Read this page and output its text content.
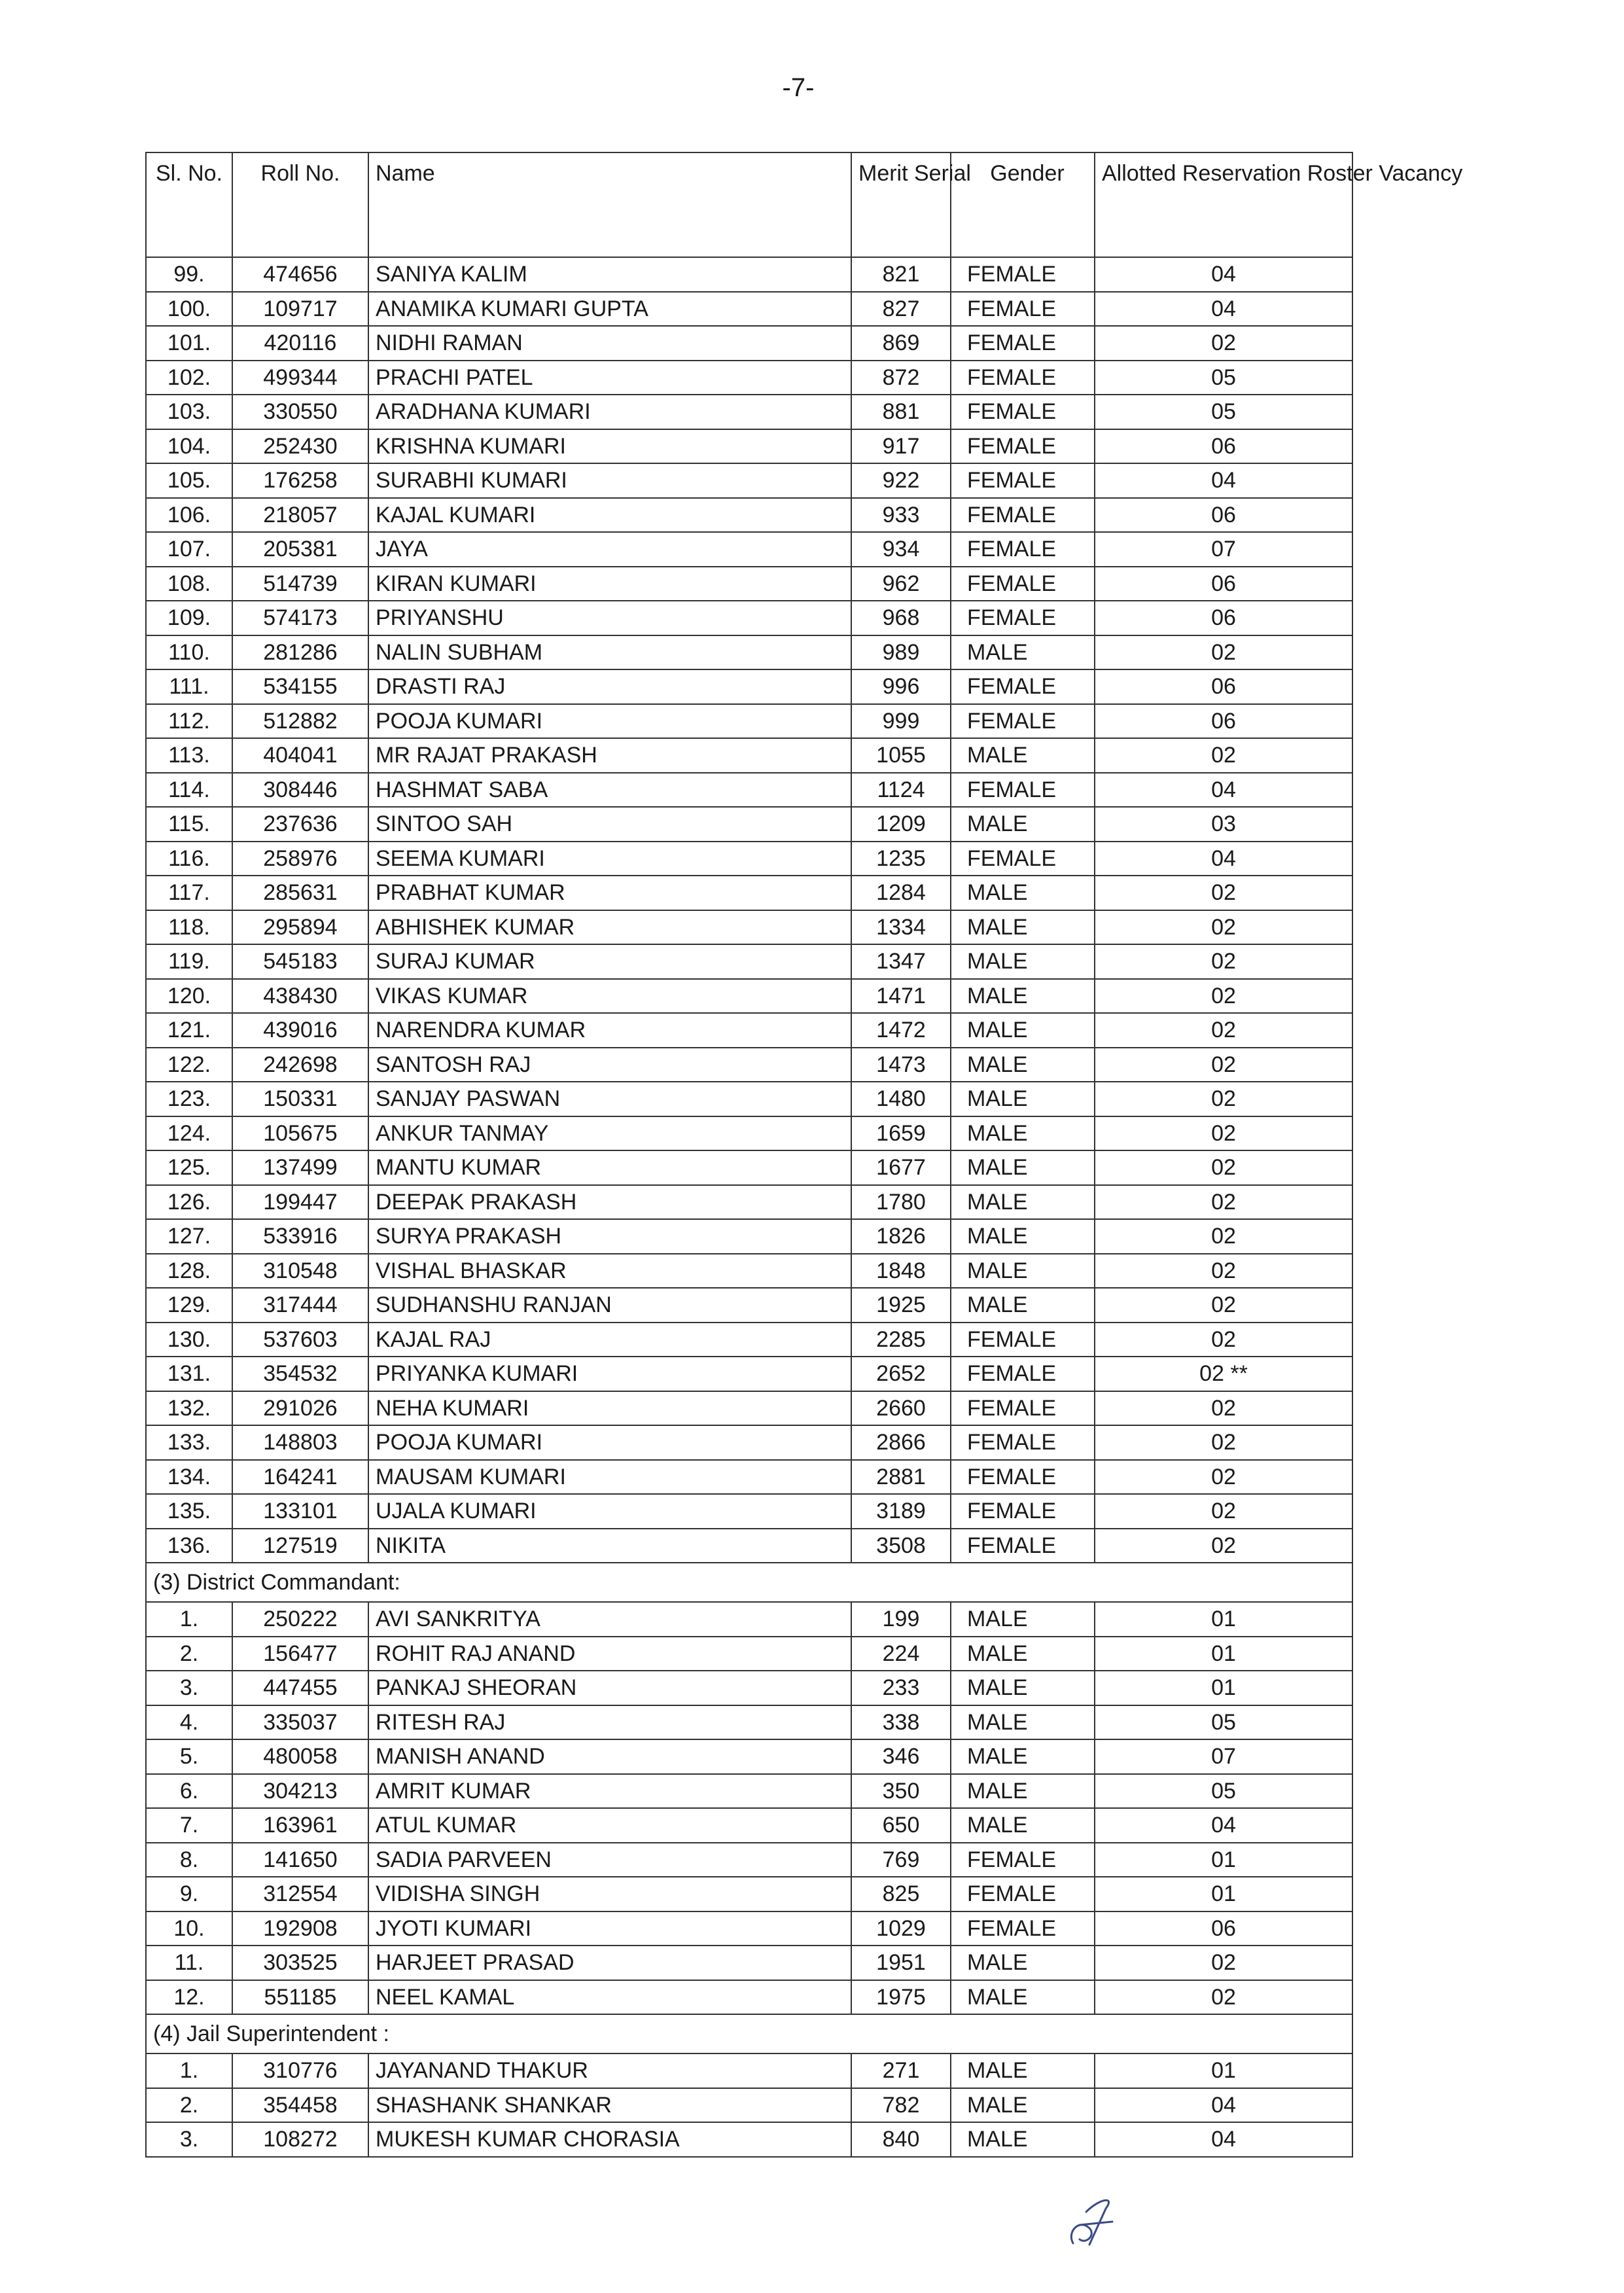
-7-
Sl. No.	Roll No.	Name	Merit Serial	Gender	Allotted Reservation Roster Vacancy
99.	474656	SANIYA KALIM	821	FEMALE	04
100.	109717	ANAMIKA KUMARI GUPTA	827	FEMALE	04
101.	420116	NIDHI RAMAN	869	FEMALE	02
102.	499344	PRACHI PATEL	872	FEMALE	05
103.	330550	ARADHANA KUMARI	881	FEMALE	05
104.	252430	KRISHNA KUMARI	917	FEMALE	06
105.	176258	SURABHI KUMARI	922	FEMALE	04
106.	218057	KAJAL KUMARI	933	FEMALE	06
107.	205381	JAYA	934	FEMALE	07
108.	514739	KIRAN KUMARI	962	FEMALE	06
109.	574173	PRIYANSHU	968	FEMALE	06
110.	281286	NALIN SUBHAM	989	MALE	02
111.	534155	DRASTI RAJ	996	FEMALE	06
112.	512882	POOJA KUMARI	999	FEMALE	06
113.	404041	MR RAJAT PRAKASH	1055	MALE	02
114.	308446	HASHMAT SABA	1124	FEMALE	04
115.	237636	SINTOO SAH	1209	MALE	03
116.	258976	SEEMA KUMARI	1235	FEMALE	04
117.	285631	PRABHAT KUMAR	1284	MALE	02
118.	295894	ABHISHEK KUMAR	1334	MALE	02
119.	545183	SURAJ KUMAR	1347	MALE	02
120.	438430	VIKAS KUMAR	1471	MALE	02
121.	439016	NARENDRA KUMAR	1472	MALE	02
122.	242698	SANTOSH RAJ	1473	MALE	02
123.	150331	SANJAY PASWAN	1480	MALE	02
124.	105675	ANKUR TANMAY	1659	MALE	02
125.	137499	MANTU KUMAR	1677	MALE	02
126.	199447	DEEPAK PRAKASH	1780	MALE	02
127.	533916	SURYA PRAKASH	1826	MALE	02
128.	310548	VISHAL BHASKAR	1848	MALE	02
129.	317444	SUDHANSHU RANJAN	1925	MALE	02
130.	537603	KAJAL RAJ	2285	FEMALE	02
131.	354532	PRIYANKA KUMARI	2652	FEMALE	02 **
132.	291026	NEHA KUMARI	2660	FEMALE	02
133.	148803	POOJA KUMARI	2866	FEMALE	02
134.	164241	MAUSAM KUMARI	2881	FEMALE	02
135.	133101	UJALA KUMARI	3189	FEMALE	02
136.	127519	NIKITA	3508	FEMALE	02
(3) District Commandant:					
1.	250222	AVI SANKRITYA	199	MALE	01
2.	156477	ROHIT RAJ ANAND	224	MALE	01
3.	447455	PANKAJ SHEORAN	233	MALE	01
4.	335037	RITESH RAJ	338	MALE	05
5.	480058	MANISH ANAND	346	MALE	07
6.	304213	AMRIT KUMAR	350	MALE	05
7.	163961	ATUL KUMAR	650	MALE	04
8.	141650	SADIA PARVEEN	769	FEMALE	01
9.	312554	VIDISHA SINGH	825	FEMALE	01
10.	192908	JYOTI KUMARI	1029	FEMALE	06
11.	303525	HARJEET PRASAD	1951	MALE	02
12.	551185	NEEL KAMAL	1975	MALE	02
(4) Jail Superintendent :					
1.	310776	JAYANAND THAKUR	271	MALE	01
2.	354458	SHASHANK SHANKAR	782	MALE	04
3.	108272	MUKESH KUMAR CHORASIA	840	MALE	04
